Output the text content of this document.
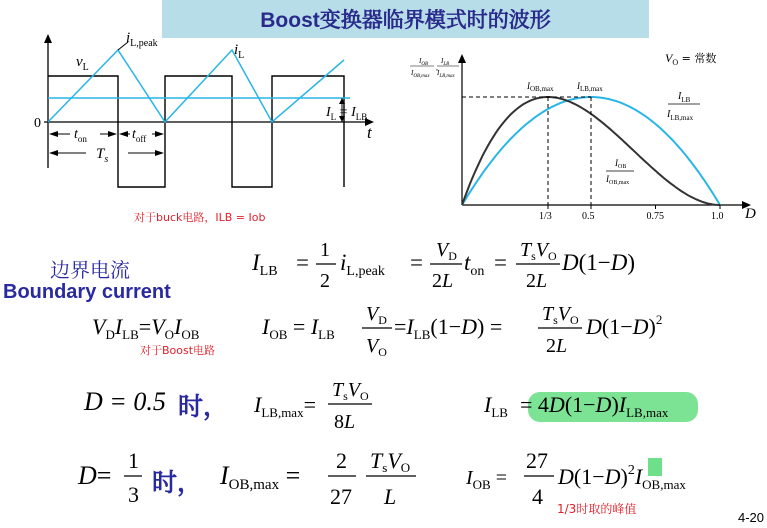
Boost变换器临界模式时的波形
$v_L$
$i_{L,peak}$	$i_L$
$I_L = I_{LB}$
t
0
$t_{on}$	$t_{off}$
$T_s$
对于buck电路，ILB = Iob	1/3	0.5	0.75	1.0
$I_{OB}$
$I_{OB,max}$
,
$I_{LB}$
$I_{LB,max}$
$V_O$ = 常数
$I_{OB,max}$	$I_{LB,max}$
$I_{LB}$
$I_{LB,max}$
$I_{OB}$
$I_{OB,max}$
D
边界电流
Boundary current
$I_{LB} = 1$
2
$i_{L,peak} = V_D$
2L
$t_{on} = T_sV_O$
2L
D(1−D)
$V_DI_{LB}=V_OI_{OB}$	$I_{OB} = I_{LB}$
$V_D$
$V_O$
$=I_{LB}(1-D) = T_sV_O$
2L
$D(1-D)^2$
对于Boost电路
D = 0.5 时， $I_{LB,max}=$
$T_sV_O$
8L
$I_{LB} = 4D(1-D)I_{LB,max}$
D=
1
3
IOB,max =
2
27
TsVO
L
$I_{OB}$ =
27
4
$D(1-D)^2I_{OB,max}$
时，
1/3时取的峰值
4-20
